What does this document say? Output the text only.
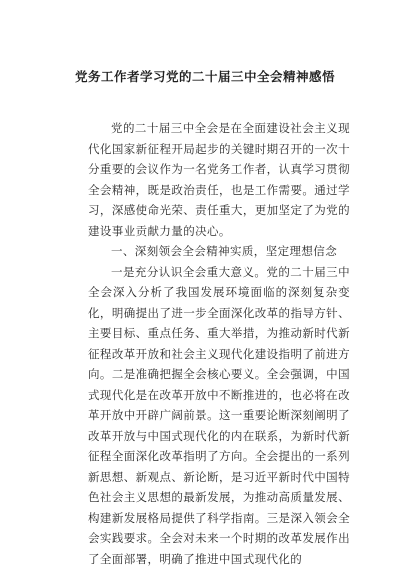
党务工作者学习党的二十届三中全会精神感悟

党的二十届三中全会是在全面建设社会主义现代化国家新征程开局起步的关键时期召开的一次十分重要的会议作为一名党务工作者，认真学习贯彻全会精神，既是政治责任，也是工作需要。通过学习，深感使命光荣、责任重大，更加坚定了为党的建设事业贡献力量的决心。

一、深刻领会全会精神实质，坚定理想信念

一是充分认识全会重大意义。党的二十届三中全会深入分析了我国发展环境面临的深刻复杂变化，明确提出了进一步全面深化改革的指导方针、主要目标、重点任务、重大举措，为推动新时代新征程改革开放和社会主义现代化建设指明了前进方向。二是准确把握全会核心要义。全会强调，中国式现代化是在改革开放中不断推进的，也必将在改革开放中开辟广阔前景。这一重要论断深刻阐明了改革开放与中国式现代化的内在联系，为新时代新征程全面深化改革指明了方向。全会提出的一系列新思想、新观点、新论断，是习近平新时代中国特色社会主义思想的最新发展，为推动高质量发展、构建新发展格局提供了科学指南。三是深入领会全会实践要求。全会对未来一个时期的改革发展作出了全面部署，明确了推进中国式现代化的
